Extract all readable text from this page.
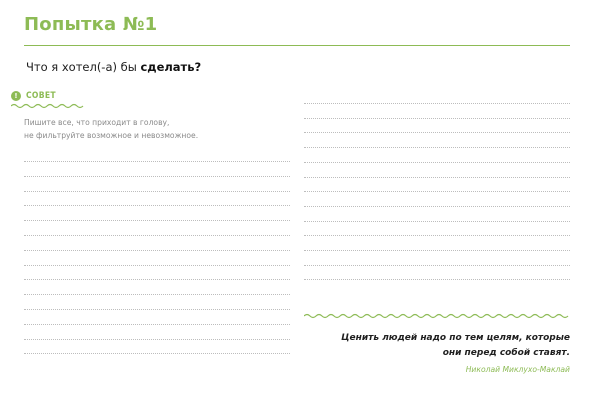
Попытка №1
Что я хотел(-а) бы сделать?
! СОВЕТ
Пишите все, что приходит в голову,
не фильтруйте возможное и невозможное.
Ценить людей надо по тем целям, которые
они перед собой ставят.
Николай Миклухо-Маклай
